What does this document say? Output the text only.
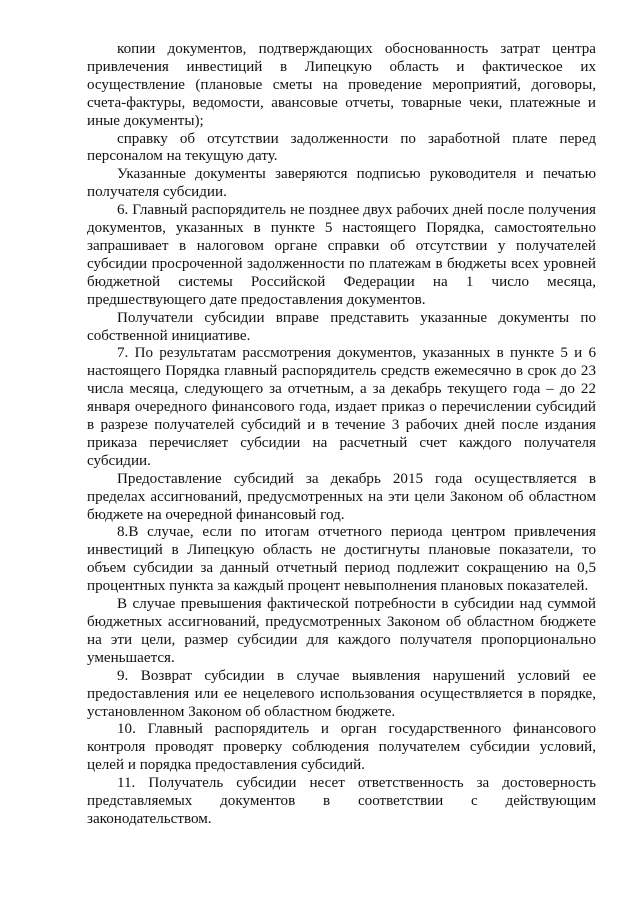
копии документов, подтверждающих обоснованность затрат центра привлечения инвестиций в Липецкую область и фактическое их осуществление (плановые сметы на проведение мероприятий, договоры, счета-фактуры, ведомости, авансовые отчеты, товарные чеки, платежные и иные документы);

справку об отсутствии задолженности по заработной плате перед персоналом на текущую дату.

Указанные документы заверяются подписью руководителя и печатью получателя субсидии.

6. Главный распорядитель не позднее двух рабочих дней после получения документов, указанных в пункте 5 настоящего Порядка, самостоятельно запрашивает в налоговом органе справки об отсутствии у получателей субсидии просроченной задолженности по платежам в бюджеты всех уровней бюджетной системы Российской Федерации на 1 число месяца, предшествующего дате предоставления документов.

Получатели субсидии вправе представить указанные документы по собственной инициативе.

7. По результатам рассмотрения документов, указанных в пункте 5 и 6 настоящего Порядка главный распорядитель средств ежемесячно в срок до 23 числа месяца, следующего за отчетным, а за декабрь текущего года – до 22 января очередного финансового года, издает приказ о перечислении субсидий в разрезе получателей субсидий и в течение 3 рабочих дней после издания приказа перечисляет субсидии на расчетный счет каждого получателя субсидии.

Предоставление субсидий за декабрь 2015 года осуществляется в пределах ассигнований, предусмотренных на эти цели Законом об областном бюджете на очередной финансовый год.

8.В случае, если по итогам отчетного периода центром привлечения инвестиций в Липецкую область не достигнуты плановые показатели, то объем субсидии за данный отчетный период подлежит сокращению на 0,5 процентных пункта за каждый процент невыполнения плановых показателей.

В случае превышения фактической потребности в субсидии над суммой бюджетных ассигнований, предусмотренных Законом об областном бюджете на эти цели, размер субсидии для каждого получателя пропорционально уменьшается.

9. Возврат субсидии в случае выявления нарушений условий ее предоставления или ее нецелевого использования осуществляется в порядке, установленном Законом об областном бюджете.

10. Главный распорядитель и орган государственного финансового контроля проводят проверку соблюдения получателем субсидии условий, целей и порядка предоставления субсидий.

11. Получатель субсидии несет ответственность за достоверность представляемых документов в соответствии с действующим законодательством.
